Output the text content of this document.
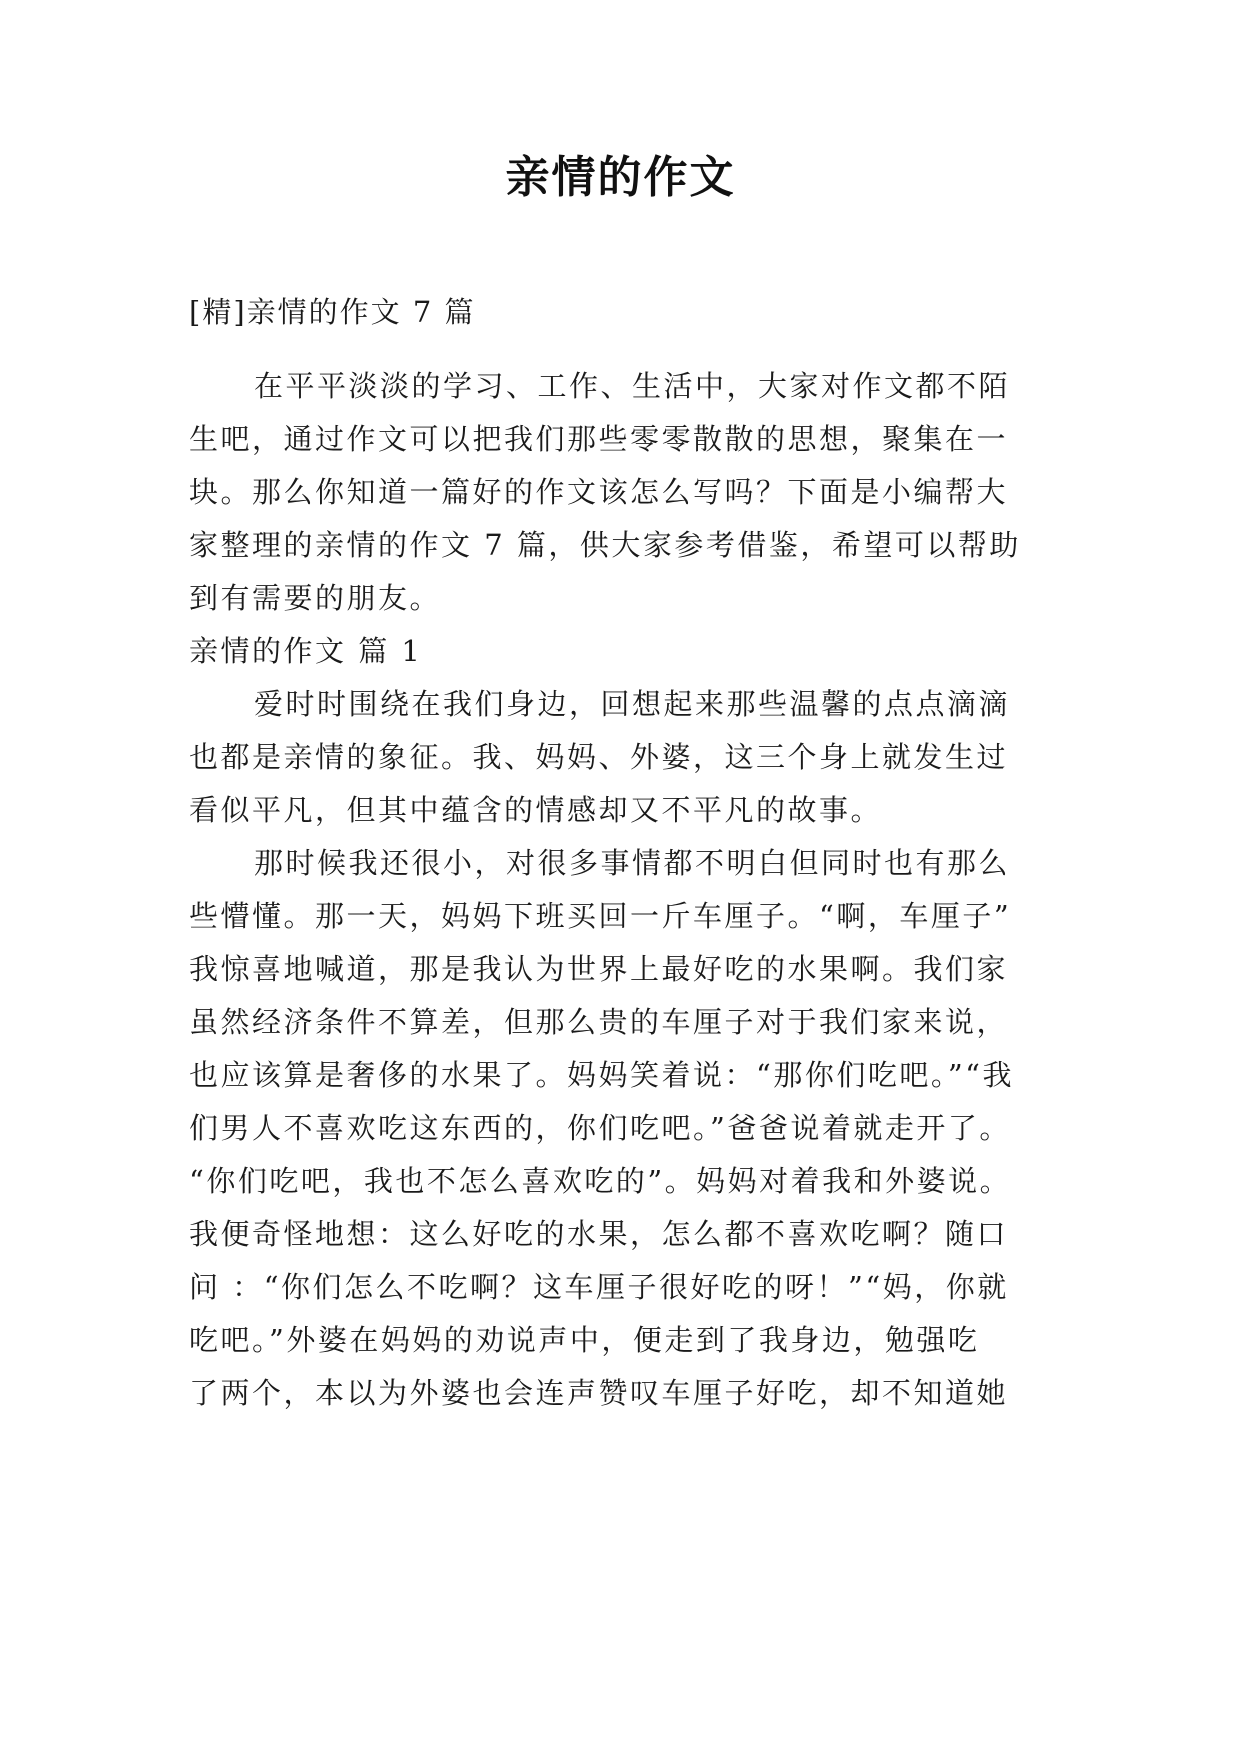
亲情的作文
[精]亲情的作文 7 篇
在平平淡淡的学习、工作、生活中，大家对作文都不陌
生吧，通过作文可以把我们那些零零散散的思想，聚集在一
块。那么你知道一篇好的作文该怎么写吗？下面是小编帮大
家整理的亲情的作文 7 篇，供大家参考借鉴，希望可以帮助
到有需要的朋友。
亲情的作文 篇 1
爱时时围绕在我们身边，回想起来那些温馨的点点滴滴
也都是亲情的象征。我、妈妈、外婆，这三个身上就发生过
看似平凡，但其中蕴含的情感却又不平凡的故事。
那时候我还很小，对很多事情都不明白但同时也有那么
些懵懂。那一天，妈妈下班买回一斤车厘子。“啊，车厘子”
我惊喜地喊道，那是我认为世界上最好吃的水果啊。我们家
虽然经济条件不算差，但那么贵的车厘子对于我们家来说，
也应该算是奢侈的水果了。妈妈笑着说：“那你们吃吧。”“我
们男人不喜欢吃这东西的，你们吃吧。”爸爸说着就走开了。
“你们吃吧，我也不怎么喜欢吃的”。妈妈对着我和外婆说。
我便奇怪地想：这么好吃的水果，怎么都不喜欢吃啊？随口
问 ：“你们怎么不吃啊？这车厘子很好吃的呀！”“妈，你就
吃吧。”外婆在妈妈的劝说声中，便走到了我身边，勉强吃
了两个，本以为外婆也会连声赞叹车厘子好吃，却不知道她
